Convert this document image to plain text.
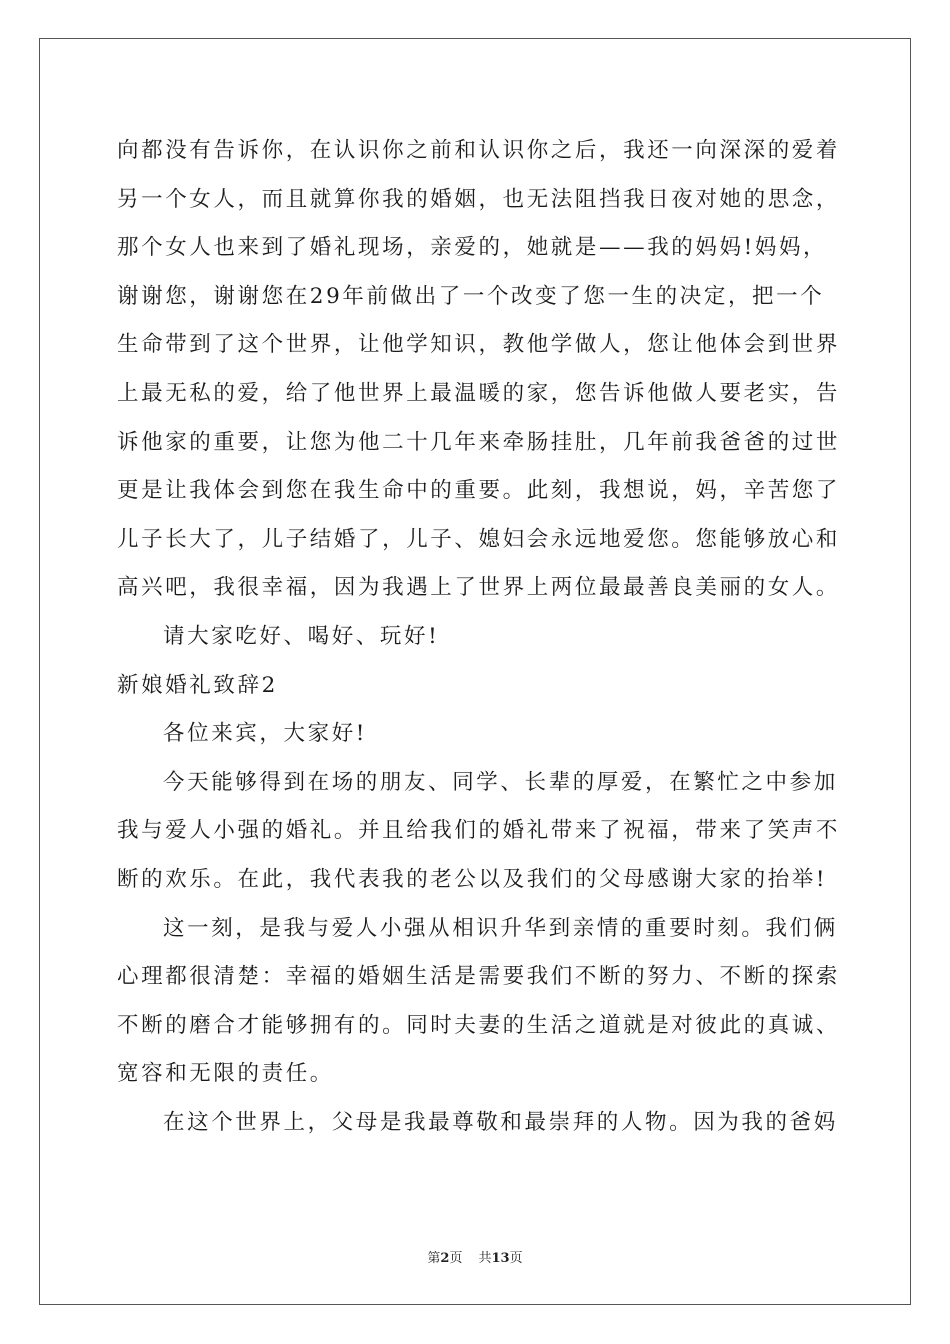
向都没有告诉你，在认识你之前和认识你之后，我还一向深深的爱着
另一个女人，而且就算你我的婚姻，也无法阻挡我日夜对她的思念，
那个女人也来到了婚礼现场，亲爱的，她就是——我的妈妈!妈妈，
谢谢您，谢谢您在29年前做出了一个改变了您一生的决定，把一个
生命带到了这个世界，让他学知识，教他学做人，您让他体会到世界
上最无私的爱，给了他世界上最温暖的家，您告诉他做人要老实，告
诉他家的重要，让您为他二十几年来牵肠挂肚，几年前我爸爸的过世
更是让我体会到您在我生命中的重要。此刻，我想说，妈，辛苦您了
儿子长大了，儿子结婚了，儿子、媳妇会永远地爱您。您能够放心和
高兴吧，我很幸福，因为我遇上了世界上两位最最善良美丽的女人。
请大家吃好、喝好、玩好!
新娘婚礼致辞2
各位来宾，大家好!
今天能够得到在场的朋友、同学、长辈的厚爱，在繁忙之中参加
我与爱人小强的婚礼。并且给我们的婚礼带来了祝福，带来了笑声不
断的欢乐。在此，我代表我的老公以及我们的父母感谢大家的抬举!
这一刻，是我与爱人小强从相识升华到亲情的重要时刻。我们俩
心理都很清楚：幸福的婚姻生活是需要我们不断的努力、不断的探索
不断的磨合才能够拥有的。同时夫妻的生活之道就是对彼此的真诚、
宽容和无限的责任。
在这个世界上，父母是我最尊敬和最崇拜的人物。因为我的爸妈
第2页 共13页
